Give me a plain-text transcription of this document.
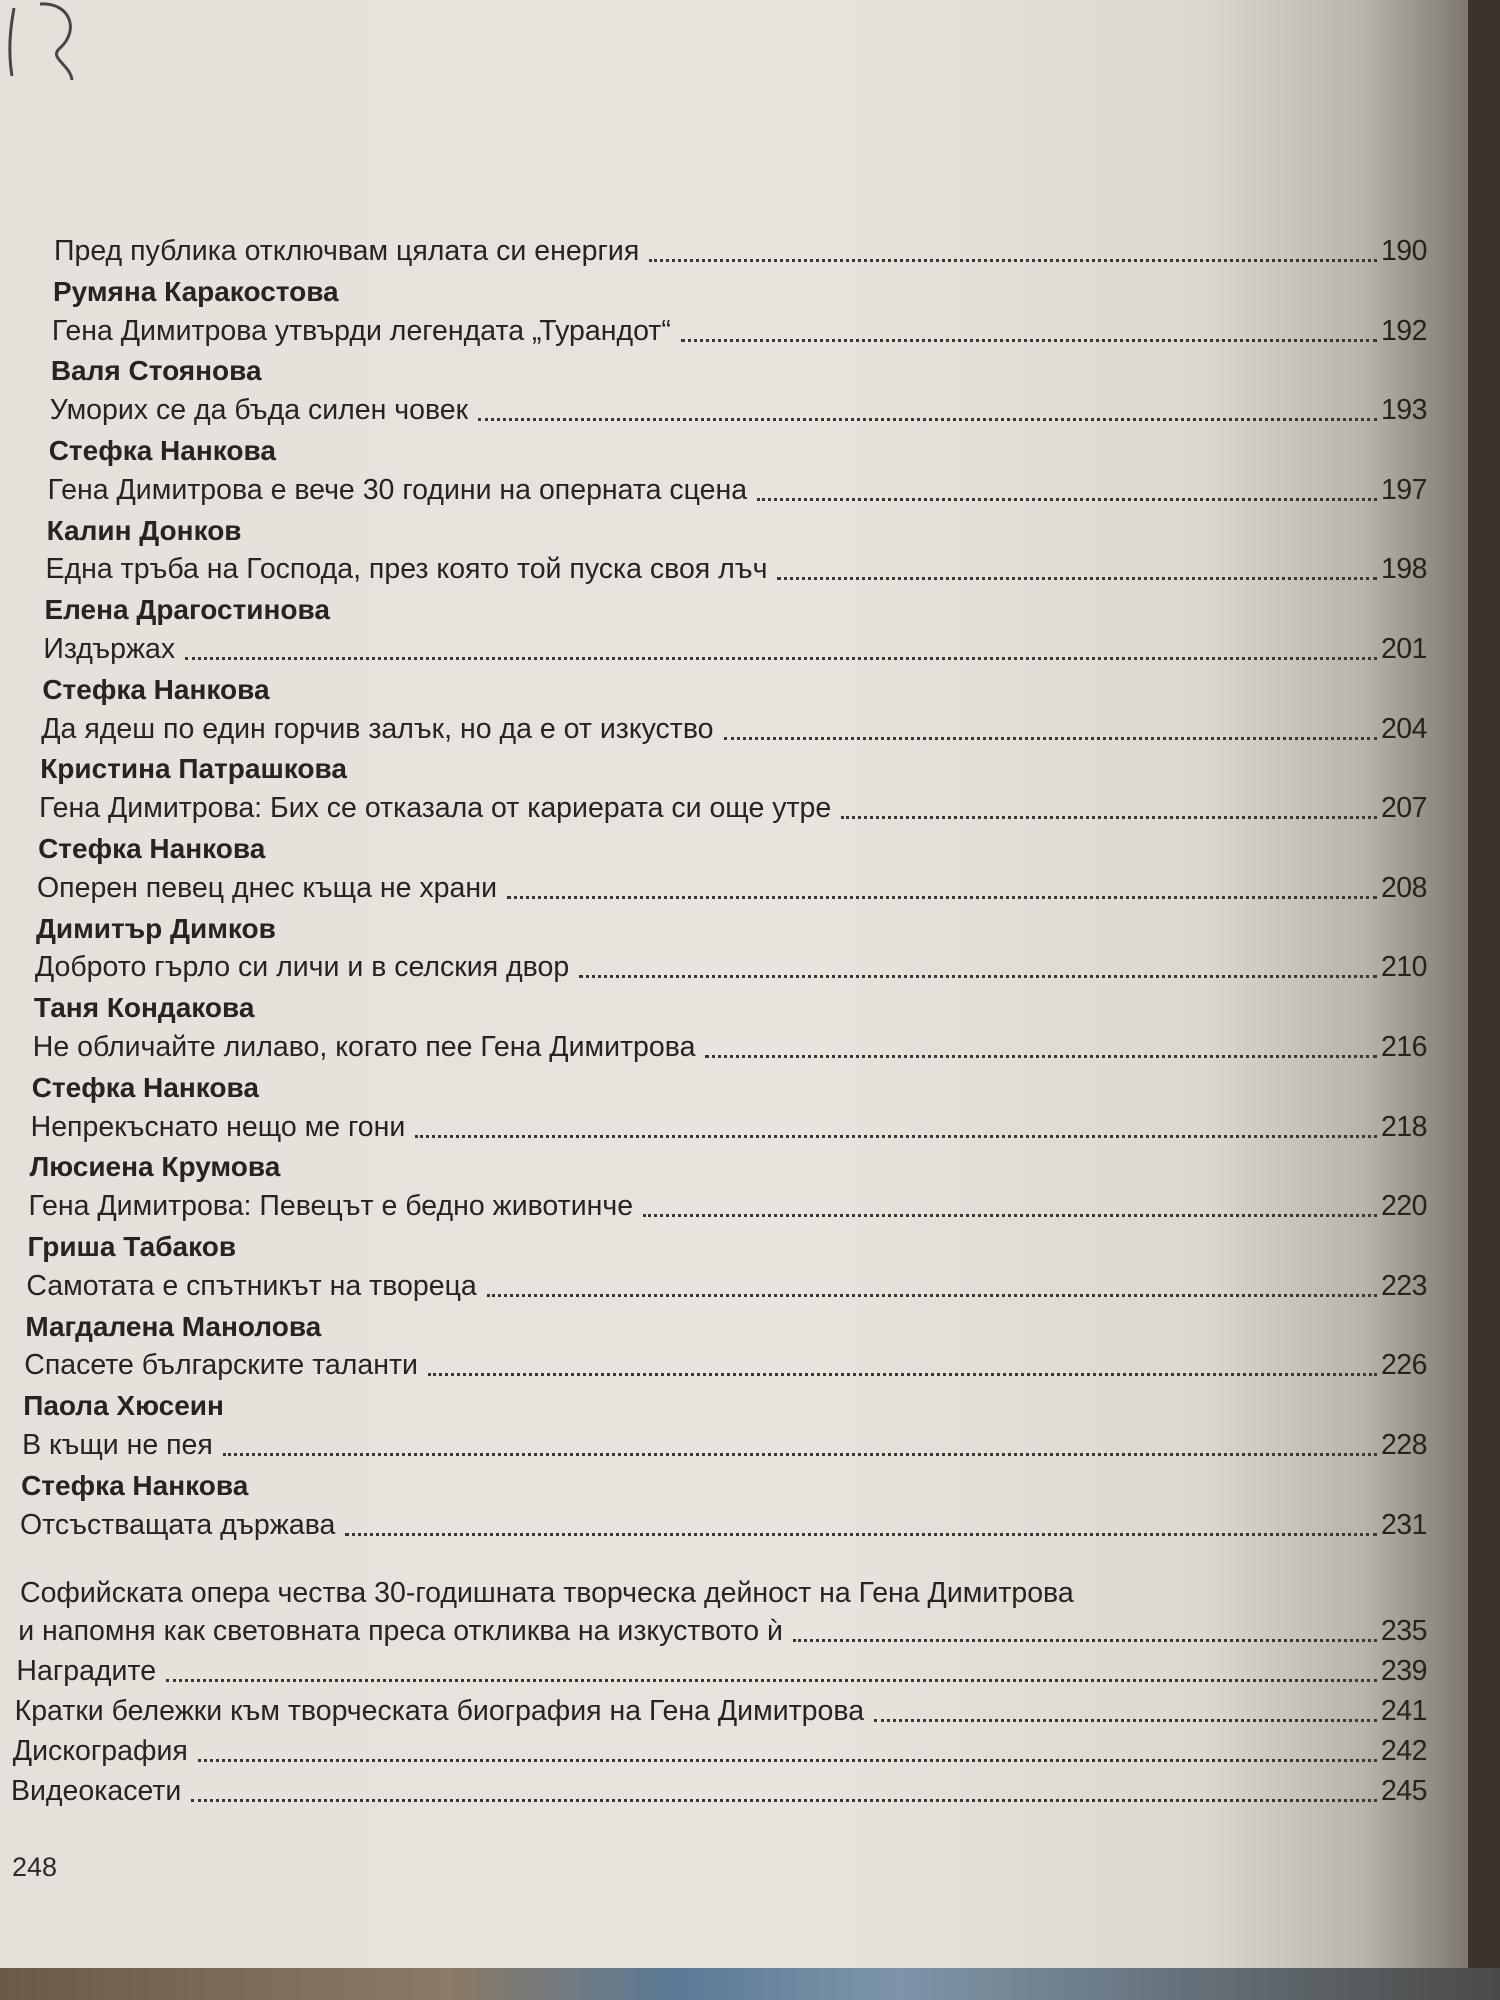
Пред публика отключвам цялата си енергия	190
Румяна Каракостова
Гена Димитрова утвърди легендата „Турандот“	192
Валя Стоянова
Уморих се да бъда силен човек	193
Стефка Нанкова
Гена Димитрова е вече 30 години на оперната сцена	197
Калин Донков
Една тръба на Господа, през която той пуска своя лъч	198
Елена Драгостинова
Издържах	201
Стефка Нанкова
Да ядеш по един горчив залък, но да е от изкуство	204
Кристина Патрашкова
Гена Димитрова: Бих се отказала от кариерата си още утре	207
Стефка Нанкова
Оперен певец днес къща не храни	208
Димитър Димков
Доброто гърло си личи и в селския двор	210
Таня Кондакова
Не обличайте лилаво, когато пее Гена Димитрова	216
Стефка Нанкова
Непрекъснато нещо ме гони	218
Люсиена Крумова
Гена Димитрова: Певецът е бедно животинче	220
Гриша Табаков
Самотата е спътникът на твореца	223
Магдалена Манолова
Спасете българските таланти	226
Паола Хюсеин
В къщи не пея	228
Стефка Нанкова
Отсъстващата държава	231
Софийската опера чества 30-годишната творческа дейност на Гена Димитрова
и напомня как световната преса откликва на изкуството ѝ	235
Наградите	239
Кратки бележки към творческата биография на Гена Димитрова	241
Дискография	242
Видеокасети	245
248
